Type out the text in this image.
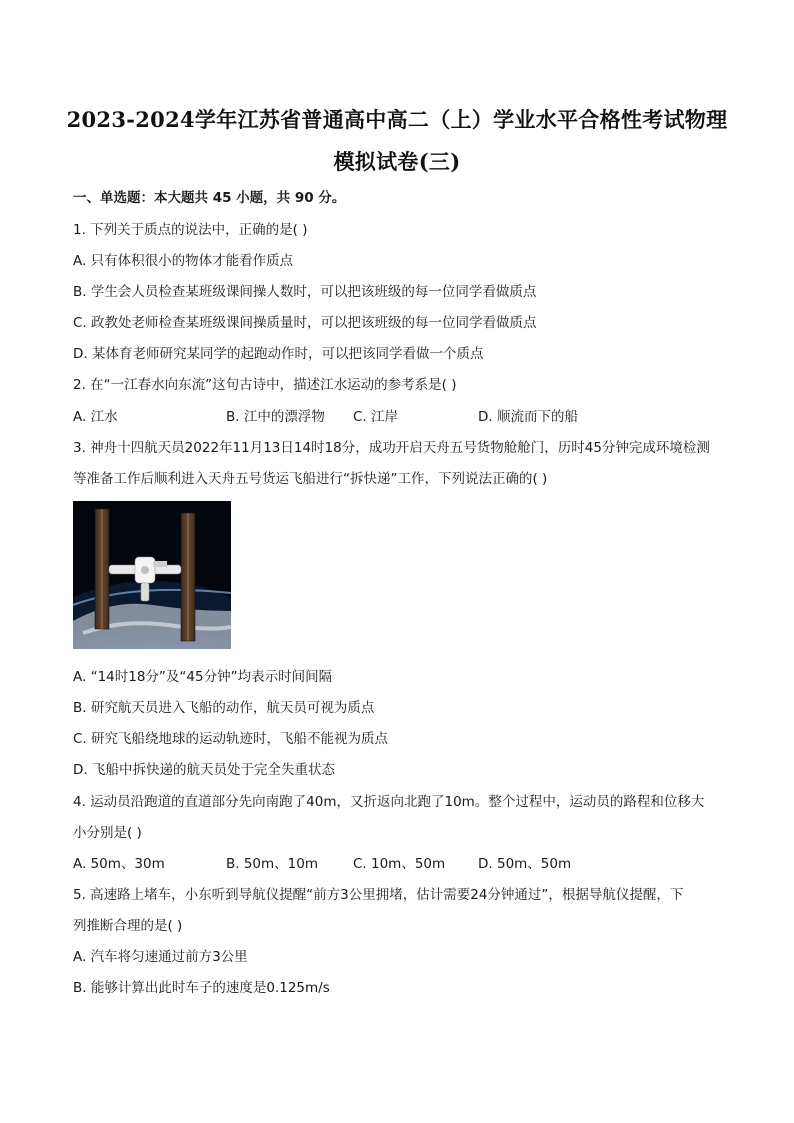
2023-2024学年江苏省普通高中高二（上）学业水平合格性考试物理
模拟试卷(三)
一、单选题：本大题共 45 小题，共 90 分。
1. 下列关于质点的说法中，正确的是( )
A. 只有体积很小的物体才能看作质点
B. 学生会人员检查某班级课间操人数时，可以把该班级的每一位同学看做质点
C. 政教处老师检查某班级课间操质量时，可以把该班级的每一位同学看做质点
D. 某体育老师研究某同学的起跑动作时，可以把该同学看做一个质点
2. 在“一江春水向东流”这句古诗中，描述江水运动的参考系是( )
A. 江水	B. 江中的漂浮物 C. 江岸	D. 顺流而下的船
3. 神舟十四航天员2022年11月13日14时18分，成功开启天舟五号货物舱舱门，历时45分钟完成环境检测
等准备工作后顺利进入天舟五号货运飞船进行“拆快递”工作，下列说法正确的( )
A. “14时18分”及“45分钟”均表示时间间隔
B. 研究航天员进入飞船的动作，航天员可视为质点
C. 研究飞船绕地球的运动轨迹时，飞船不能视为质点
D. 飞船中拆快递的航天员处于完全失重状态
4. 运动员沿跑道的直道部分先向南跑了40m，又折返向北跑了10m。整个过程中，运动员的路程和位移大
小分别是( )
A. 50m、30m	B. 50m、10m	C. 10m、50m D. 50m、50m
5. 高速路上堵车，小东听到导航仪提醒“前方3公里拥堵，估计需要24分钟通过”，根据导航仪提醒，下
列推断合理的是( )
A. 汽车将匀速通过前方3公里
B. 能够计算出此时车子的速度是0.125m/s
